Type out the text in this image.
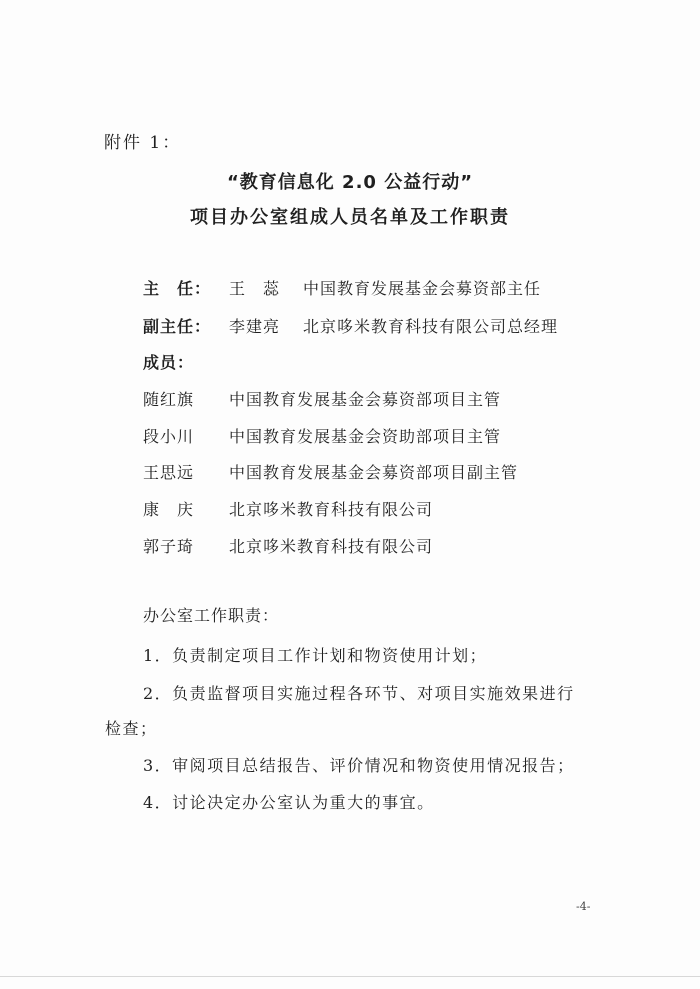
附件 1：
“教育信息化 2.0 公益行动”
项目办公室组成人员名单及工作职责
主　任： 王　蕊 中国教育发展基金会募资部主任
副主任： 李建亮 北京哆米教育科技有限公司总经理
成员：
随红旗 中国教育发展基金会募资部项目主管
段小川 中国教育发展基金会资助部项目主管
王思远 中国教育发展基金会募资部项目副主管
康　庆 北京哆米教育科技有限公司
郭子琦 北京哆米教育科技有限公司
办公室工作职责：
1．负责制定项目工作计划和物资使用计划；
2．负责监督项目实施过程各环节、对项目实施效果进行
检查；
3．审阅项目总结报告、评价情况和物资使用情况报告；
4．讨论决定办公室认为重大的事宜。
-4-
